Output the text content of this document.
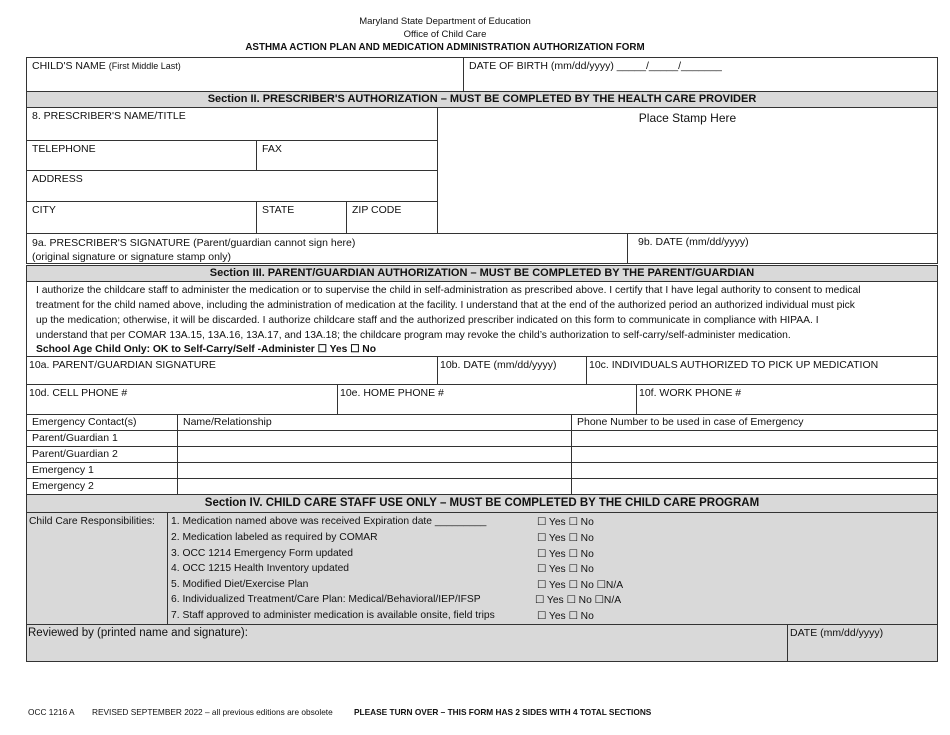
Maryland State Department of Education
Office of Child Care
ASTHMA ACTION PLAN AND MEDICATION ADMINISTRATION AUTHORIZATION FORM
CHILD'S NAME (First Middle Last)	DATE OF BIRTH (mm/dd/yyyy) _____/_____/_______
Section II. PRESCRIBER'S AUTHORIZATION – MUST BE COMPLETED BY THE HEALTH CARE PROVIDER
8. PRESCRIBER'S NAME/TITLE	Place Stamp Here
TELEPHONE	FAX
ADDRESS
CITY	STATE	ZIP CODE
9a. PRESCRIBER'S SIGNATURE (Parent/guardian cannot sign here)
(original signature or signature stamp only)
9b. DATE (mm/dd/yyyy)
Section III. PARENT/GUARDIAN AUTHORIZATION – MUST BE COMPLETED BY THE PARENT/GUARDIAN
I authorize the childcare staff to administer the medication or to supervise the child in self-administration as prescribed above. I certify that I have legal authority to consent to medical
treatment for the child named above, including the administration of medication at the facility. I understand that at the end of the authorized period an authorized individual must pick
up the medication; otherwise, it will be discarded. I authorize childcare staff and the authorized prescriber indicated on this form to communicate in compliance with HIPAA. I
understand that per COMAR 13A.15, 13A.16, 13A.17, and 13A.18; the childcare program may revoke the child’s authorization to self-carry/self-administer medication.
School Age Child Only: OK to Self-Carry/Self -Administer ☐ Yes ☐ No
10a. PARENT/GUARDIAN SIGNATURE	10b. DATE (mm/dd/yyyy)	10c. INDIVIDUALS AUTHORIZED TO PICK UP MEDICATION
10d. CELL PHONE #	10e. HOME PHONE #	10f. WORK PHONE #
Emergency Contact(s)	Name/Relationship	Phone Number to be used in case of Emergency
Parent/Guardian 1
Parent/Guardian 2
Emergency 1
Emergency 2
Section IV. CHILD CARE STAFF USE ONLY – MUST BE COMPLETED BY THE CHILD CARE PROGRAM
Child Care Responsibilities: 1. Medication named above was received Expiration date _________	☐ Yes ☐ No
2. Medication labeled as required by COMAR	☐ Yes ☐ No
3. OCC 1214 Emergency Form updated	☐ Yes ☐ No
4. OCC 1215 Health Inventory updated	☐ Yes ☐ No
5. Modified Diet/Exercise Plan	☐ Yes ☐ No ☐N/A
6. Individualized Treatment/Care Plan: Medical/Behavioral/IEP/IFSP	☐ Yes ☐ No ☐N/A
7. Staff approved to administer medication is available onsite, field trips	☐ Yes ☐ No
Reviewed by (printed name and signature):	DATE (mm/dd/yyyy)
OCC 1216 A REVISED SEPTEMBER 2022 – all previous editions are obsolete	PLEASE TURN OVER – THIS FORM HAS 2 SIDES WITH 4 TOTAL SECTIONS
